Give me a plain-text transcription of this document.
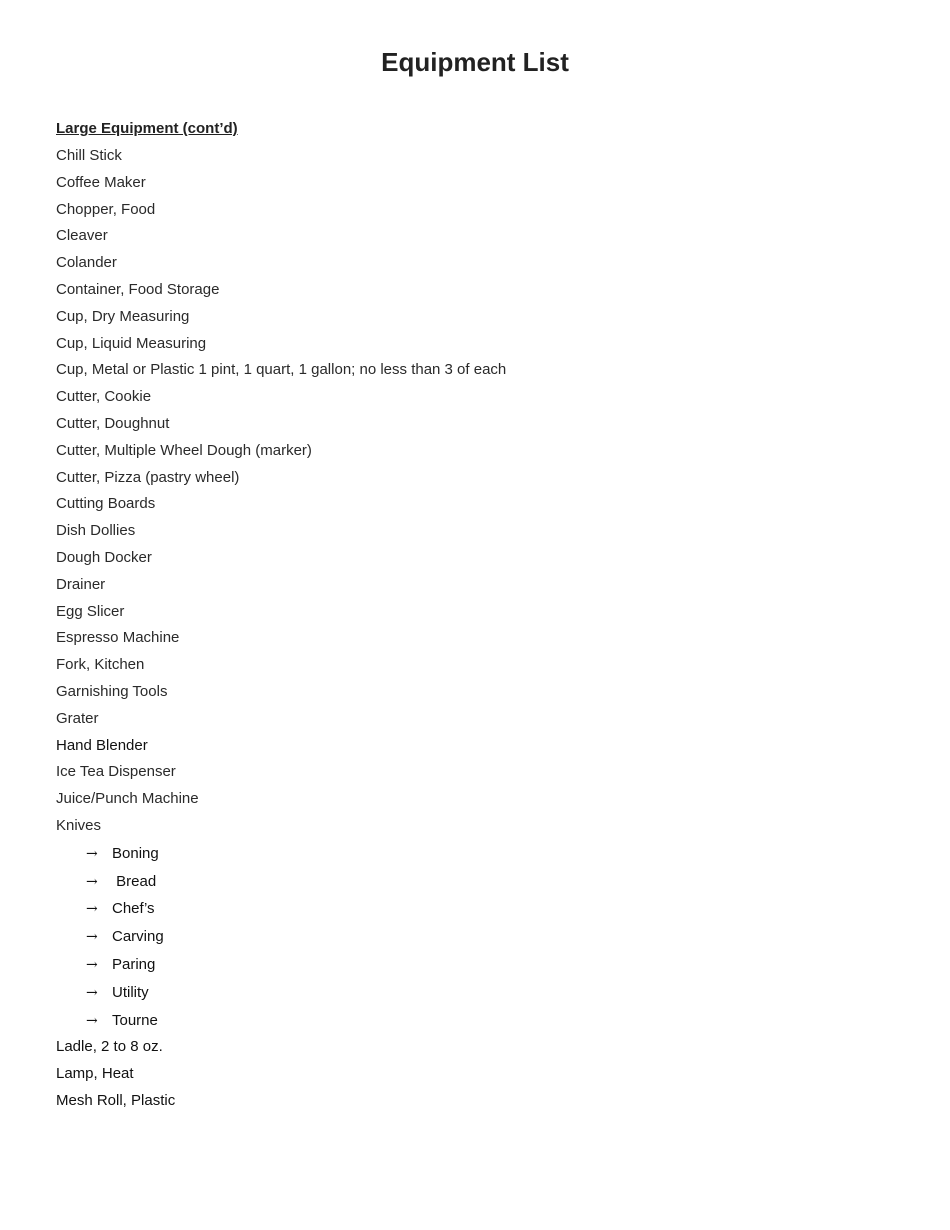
Equipment List
Large Equipment (cont’d)
Chill Stick
Coffee Maker
Chopper, Food
Cleaver
Colander
Container, Food Storage
Cup, Dry Measuring
Cup, Liquid Measuring
Cup, Metal or Plastic 1 pint, 1 quart, 1 gallon; no less than 3 of each
Cutter, Cookie
Cutter, Doughnut
Cutter, Multiple Wheel Dough (marker)
Cutter, Pizza (pastry wheel)
Cutting Boards
Dish Dollies
Dough Docker
Drainer
Egg Slicer
Espresso Machine
Fork, Kitchen
Garnishing Tools
Grater
Hand Blender
Ice Tea Dispenser
Juice/Punch Machine
Knives
→ Boning
→ Bread
→ Chef’s
→ Carving
→ Paring
→ Utility
→ Tourne
Ladle, 2 to 8 oz.
Lamp, Heat
Mesh Roll, Plastic
